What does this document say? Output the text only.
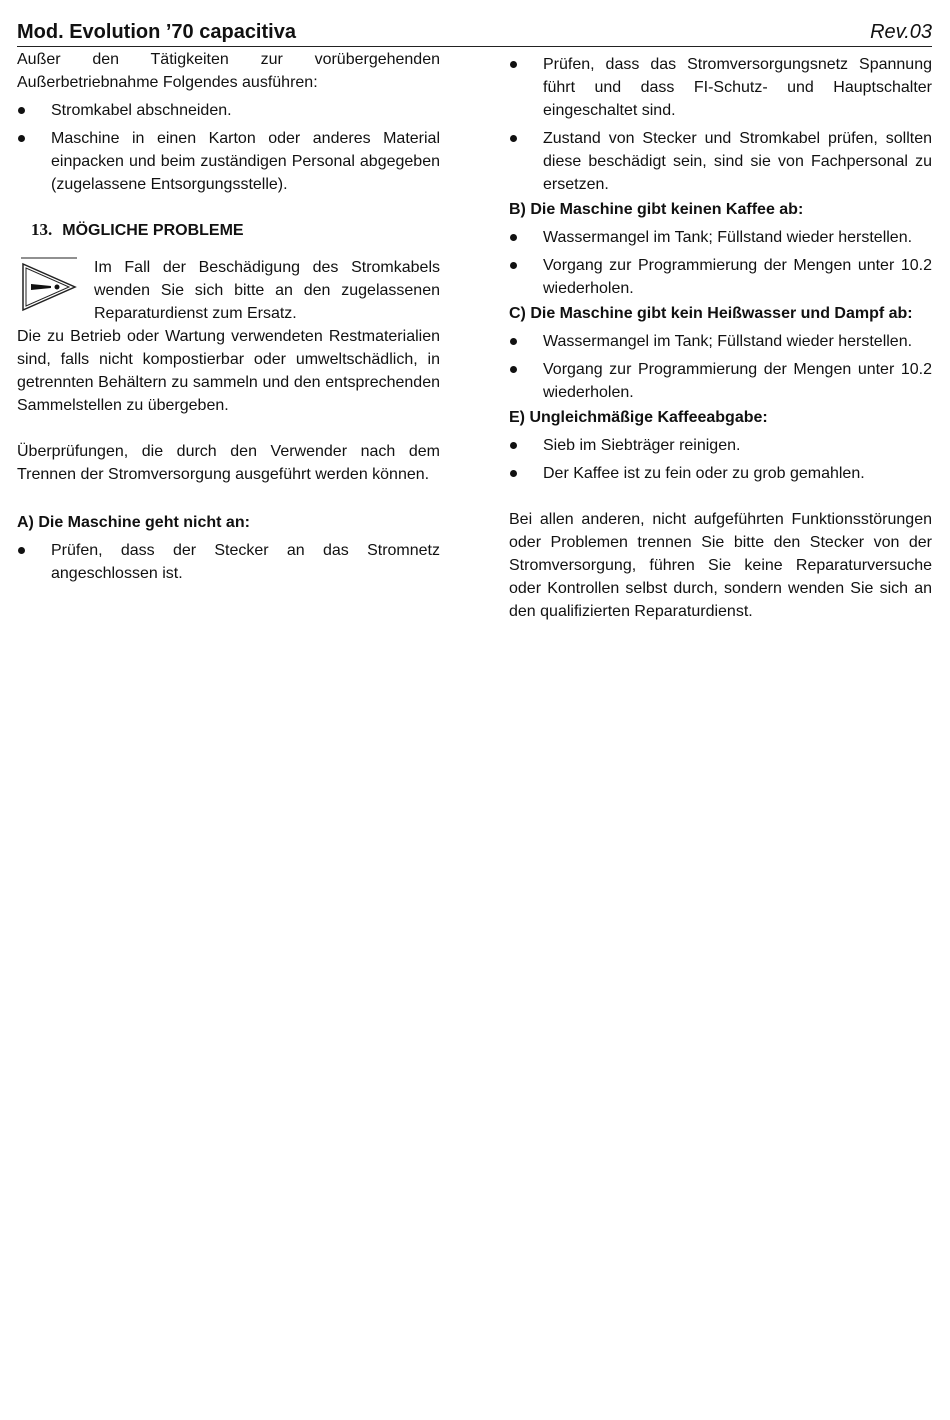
Mod. Evolution ’70 capacitiva	Rev.03

Außer den Tätigkeiten zur vorübergehenden Außerbetriebnahme Folgendes ausführen:

Stromkabel abschneiden.
Maschine in einen Karton oder anderes Material einpacken und beim zuständigen Personal abgegeben (zugelassene Entsorgungsstelle).
13. MÖGLICHE PROBLEME

Im Fall der Beschädigung des Stromkabels wenden Sie sich bitte an den zugelassenen Reparaturdienst zum Ersatz.

Die zu Betrieb oder Wartung verwendeten Restmaterialien sind, falls nicht kompostierbar oder umweltschädlich, in getrennten Behältern zu sammeln und den entsprechenden Sammelstellen zu übergeben.

Überprüfungen, die durch den Verwender nach dem Trennen der Stromversorgung ausgeführt werden können.

A) Die Maschine geht nicht an:

Prüfen, dass der Stecker an das Stromnetz angeschlossen ist.
Prüfen, dass das Stromversorgungsnetz Spannung führt und dass FI-Schutz- und Hauptschalter eingeschaltet sind.
Zustand von Stecker und Stromkabel prüfen, sollten diese beschädigt sein, sind sie von Fachpersonal zu ersetzen.

B) Die Maschine gibt keinen Kaffee ab:

Wassermangel im Tank; Füllstand wieder herstellen.
Vorgang zur Programmierung der Mengen unter 10.2 wiederholen.

C) Die Maschine gibt kein Heißwasser und Dampf ab:

Wassermangel im Tank; Füllstand wieder herstellen.
Vorgang zur Programmierung der Mengen unter 10.2 wiederholen.

E) Ungleichmäßige Kaffeeabgabe:

Sieb im Siebträger reinigen.
Der Kaffee ist zu fein oder zu grob gemahlen.

Bei allen anderen, nicht aufgeführten Funktionsstörungen oder Problemen trennen Sie bitte den Stecker von der Stromversorgung, führen Sie keine Reparaturversuche oder Kontrollen selbst durch, sondern wenden Sie sich an den qualifizierten Reparaturdienst.
